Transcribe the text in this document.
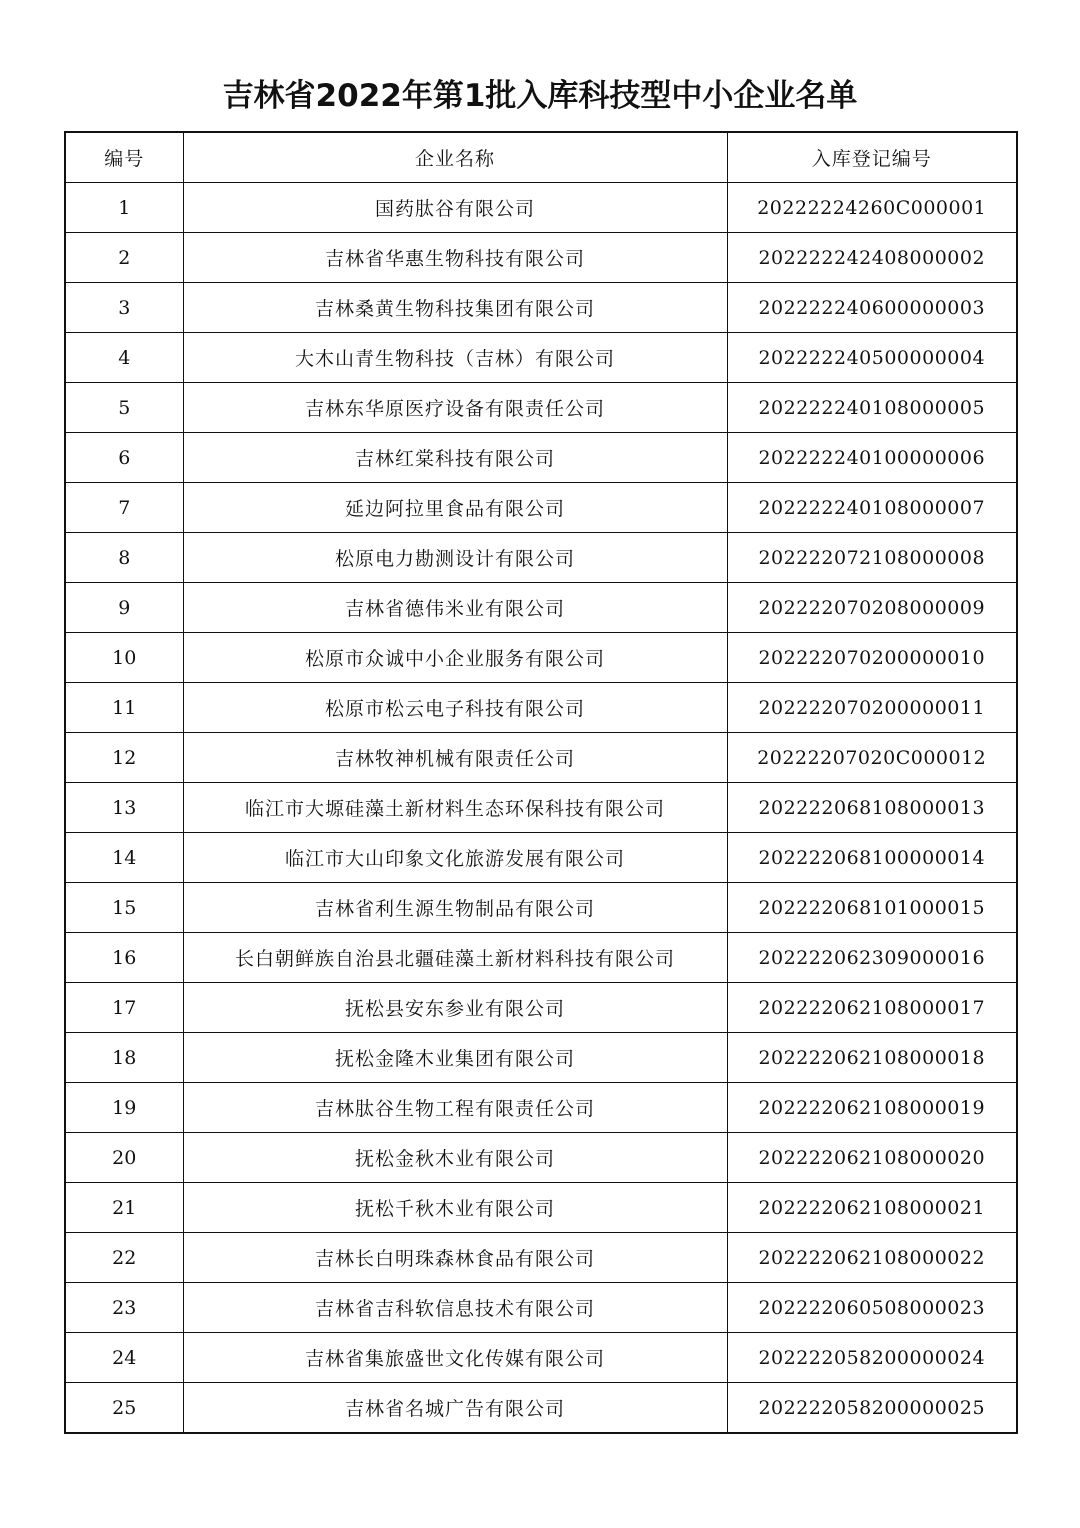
吉林省2022年第1批入库科技型中小企业名单
编号	企业名称	入库登记编号
1	国药肽谷有限公司	20222224260C000001
2	吉林省华惠生物科技有限公司	202222242408000002
3	吉林桑黄生物科技集团有限公司	202222240600000003
4	大木山青生物科技（吉林）有限公司	202222240500000004
5	吉林东华原医疗设备有限责任公司	202222240108000005
6	吉林红棠科技有限公司	202222240100000006
7	延边阿拉里食品有限公司	202222240108000007
8	松原电力勘测设计有限公司	202222072108000008
9	吉林省德伟米业有限公司	202222070208000009
10	松原市众诚中小企业服务有限公司	202222070200000010
11	松原市松云电子科技有限公司	202222070200000011
12	吉林牧神机械有限责任公司	20222207020C000012
13	临江市大塬硅藻土新材料生态环保科技有限公司	202222068108000013
14	临江市大山印象文化旅游发展有限公司	202222068100000014
15	吉林省利生源生物制品有限公司	202222068101000015
16	长白朝鲜族自治县北疆硅藻土新材料科技有限公司	202222062309000016
17	抚松县安东参业有限公司	202222062108000017
18	抚松金隆木业集团有限公司	202222062108000018
19	吉林肽谷生物工程有限责任公司	202222062108000019
20	抚松金秋木业有限公司	202222062108000020
21	抚松千秋木业有限公司	202222062108000021
22	吉林长白明珠森林食品有限公司	202222062108000022
23	吉林省吉科软信息技术有限公司	202222060508000023
24	吉林省集旅盛世文化传媒有限公司	202222058200000024
25	吉林省名城广告有限公司	202222058200000025
